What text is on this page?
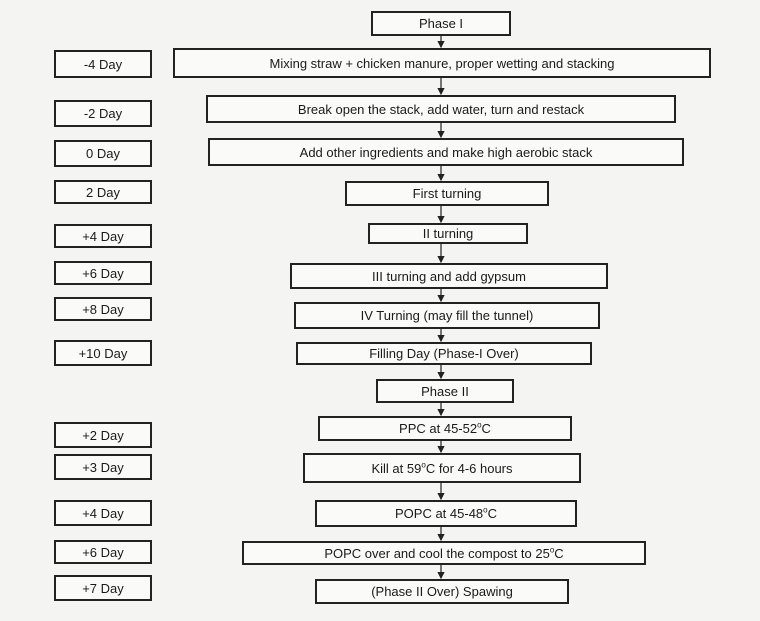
Phase I
-4 Day
-2 Day
0 Day
2 Day
+4 Day
+6 Day
+8 Day
+10 Day
Mixing straw + chicken manure, proper wetting and stacking
Break open the stack, add water, turn and restack
Add other ingredients and make high aerobic stack
First turning
II turning
III turning and add gypsum
IV Turning (may fill the tunnel)
Filling Day (Phase-I Over)
Phase II
+2 Day
+3 Day
+4 Day
+6 Day
+7 Day
PPC at 45-52$^o$C
Kill at 59$^o$C for 4-6 hours
POPC at 45-48$^o$C
POPC over and cool the compost to 25$^o$C
(Phase II Over) Spawing
